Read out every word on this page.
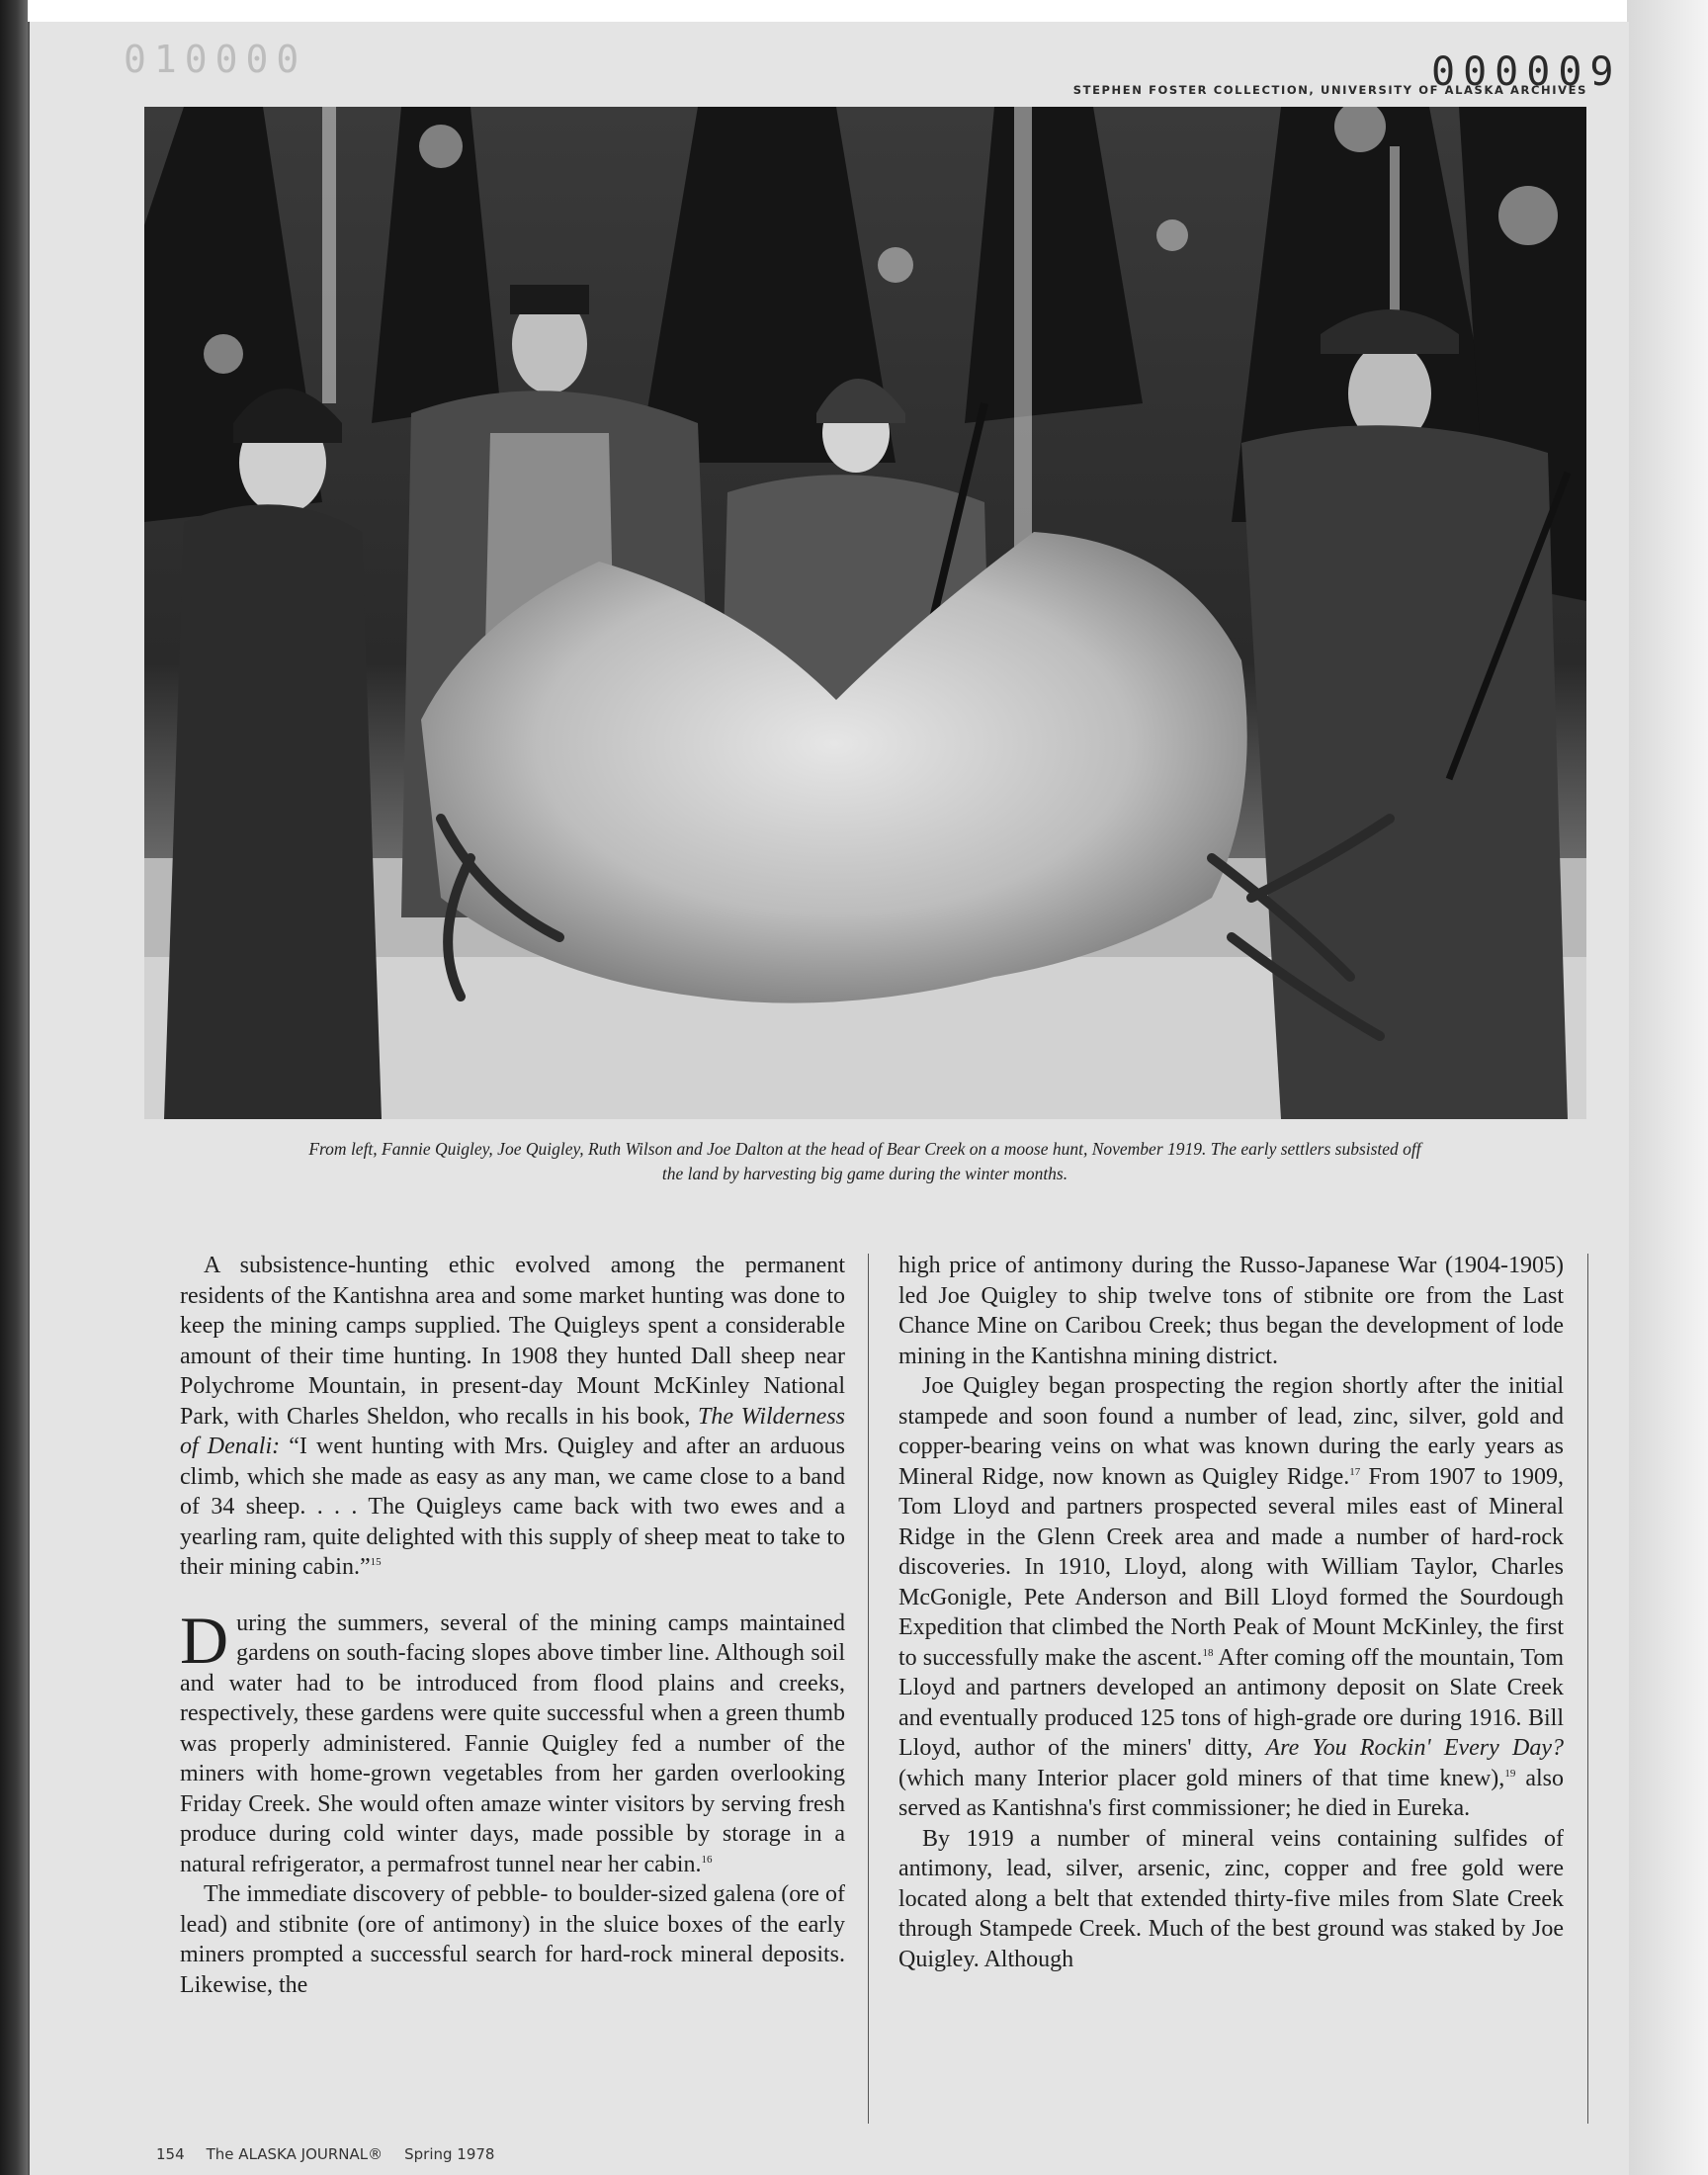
010000	000009
STEPHEN FOSTER COLLECTION, UNIVERSITY OF ALASKA ARCHIVES
From left, Fannie Quigley, Joe Quigley, Ruth Wilson and Joe Dalton at the head of Bear Creek on a moose hunt, November 1919. The early settlers subsisted off the land by harvesting big game during the winter months.

A subsistence-hunting ethic evolved among the permanent residents of the Kantishna area and some market hunting was done to keep the mining camps supplied. The Quigleys spent a considerable amount of their time hunting. In 1908 they hunted Dall sheep near Polychrome Mountain, in present-day Mount McKinley National Park, with Charles Sheldon, who recalls in his book, The Wilderness of Denali: “I went hunting with Mrs. Quigley and after an arduous climb, which she made as easy as any man, we came close to a band of 34 sheep. . . . The Quigleys came back with two ewes and a yearling ram, quite delighted with this supply of sheep meat to take to their mining cabin.”$^{15}$

During the summers, several of the mining camps maintained gardens on south-facing slopes above timber line. Although soil and water had to be introduced from flood plains and creeks, respectively, these gardens were quite successful when a green thumb was properly administered. Fannie Quigley fed a number of the miners with home-grown vegetables from her garden overlooking Friday Creek. She would often amaze winter visitors by serving fresh produce during cold winter days, made possible by storage in a natural refrigerator, a permafrost tunnel near her cabin.$^{16}$

The immediate discovery of pebble- to boulder-sized galena (ore of lead) and stibnite (ore of antimony) in the sluice boxes of the early miners prompted a successful search for hard-rock mineral deposits. Likewise, the

high price of antimony during the Russo-Japanese War (1904-1905) led Joe Quigley to ship twelve tons of stibnite ore from the Last Chance Mine on Caribou Creek; thus began the development of lode mining in the Kantishna mining district.

Joe Quigley began prospecting the region shortly after the initial stampede and soon found a number of lead, zinc, silver, gold and copper-bearing veins on what was known during the early years as Mineral Ridge, now known as Quigley Ridge.$^{17}$ From 1907 to 1909, Tom Lloyd and partners prospected several miles east of Mineral Ridge in the Glenn Creek area and made a number of hard-rock discoveries. In 1910, Lloyd, along with William Taylor, Charles McGonigle, Pete Anderson and Bill Lloyd formed the Sourdough Expedition that climbed the North Peak of Mount McKinley, the first to successfully make the ascent.$^{18}$ After coming off the mountain, Tom Lloyd and partners developed an antimony deposit on Slate Creek and eventually produced 125 tons of high-grade ore during 1916. Bill Lloyd, author of the miners' ditty, Are You Rockin' Every Day? (which many Interior placer gold miners of that time knew),$^{19}$ also served as Kantishna's first commissioner; he died in Eureka.

By 1919 a number of mineral veins containing sulfides of antimony, lead, silver, arsenic, zinc, copper and free gold were located along a belt that extended thirty-five miles from Slate Creek through Stampede Creek. Much of the best ground was staked by Joe Quigley. Although

154 The ALASKA JOURNAL® Spring 1978
